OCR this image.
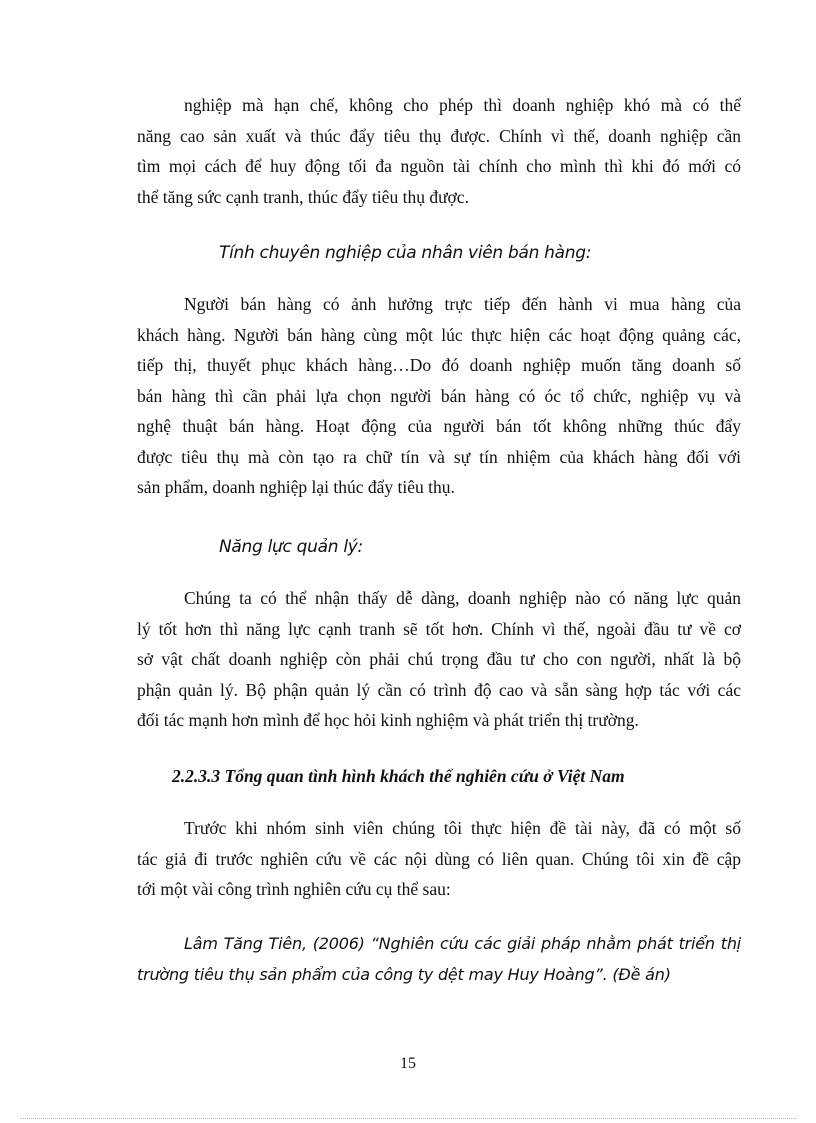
nghiệp mà hạn chế, không cho phép thì doanh nghiệp khó mà có thể
năng cao sản xuất và thúc đẩy tiêu thụ được. Chính vì thế, doanh nghiệp cần
tìm mọi cách để huy động tối đa nguồn tài chính cho mình thì khi đó mới có
thể tăng sức cạnh tranh, thúc đẩy tiêu thụ được.
Tính chuyên nghiệp của nhân viên bán hàng:
Người bán hàng có ảnh hưởng trực tiếp đến hành vi mua hàng của
khách hàng. Người bán hàng cùng một lúc thực hiện các hoạt động quảng các,
tiếp thị, thuyết phục khách hàng…Do đó doanh nghiệp muốn tăng doanh số
bán hàng thì cần phải lựa chọn người bán hàng có óc tổ chức, nghiệp vụ và
nghệ thuật bán hàng. Hoạt động của người bán tốt không những thúc đẩy
được tiêu thụ mà còn tạo ra chữ tín và sự tín nhiệm của khách hàng đối với
sản phẩm, doanh nghiệp lại thúc đẩy tiêu thụ.
Năng lực quản lý:
Chúng ta có thể nhận thấy dễ dàng, doanh nghiệp nào có năng lực quản
lý tốt hơn thì năng lực cạnh tranh sẽ tốt hơn. Chính vì thế, ngoài đầu tư về cơ
sở vật chất doanh nghiệp còn phải chú trọng đầu tư cho con người, nhất là bộ
phận quản lý. Bộ phận quản lý cần có trình độ cao và sẵn sàng hợp tác với các
đối tác mạnh hơn mình để học hỏi kinh nghiệm và phát triển thị trường.
2.2.3.3 Tổng quan tình hình khách thể nghiên cứu ở Việt Nam
Trước khi nhóm sinh viên chúng tôi thực hiện đề tài này, đã có một số
tác giả đi trước nghiên cứu về các nội dùng có liên quan. Chúng tôi xin đề cập
tới một vài công trình nghiên cứu cụ thể sau:
Lâm Tăng Tiên, (2006) “Nghiên cứu các giải pháp nhằm phát triển thị
trường tiêu thụ sản phẩm của công ty dệt may Huy Hoàng”. (Đề án)
15
